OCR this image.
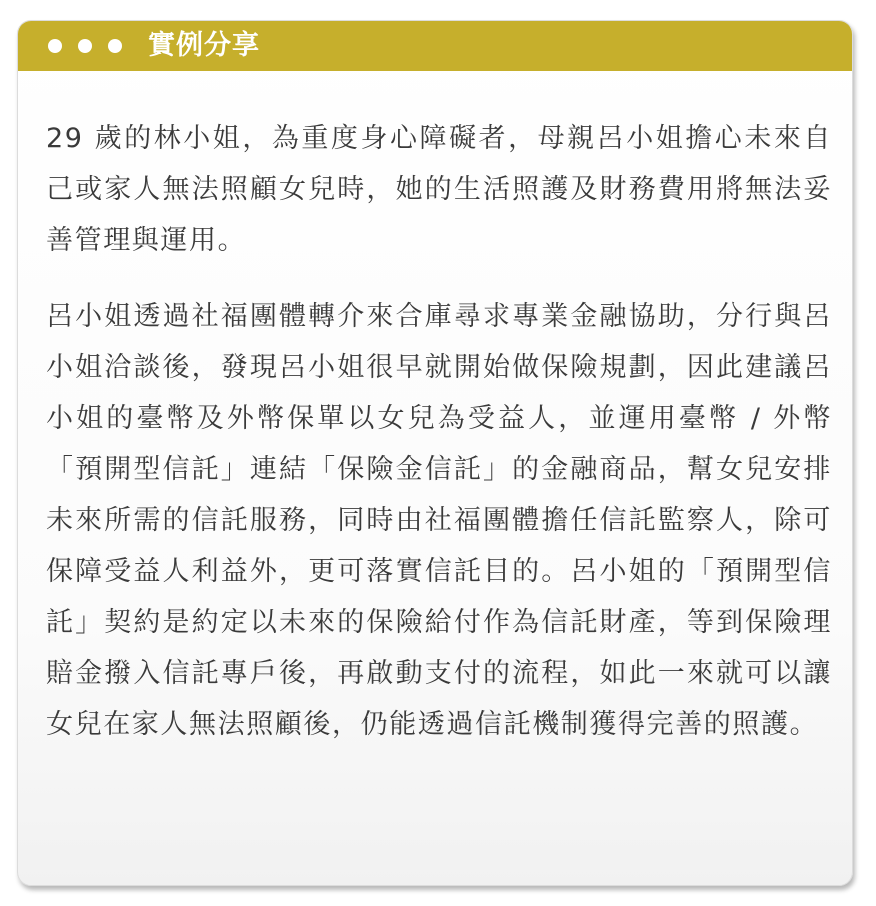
實例分享

29 歲的林小姐，為重度身心障礙者，母親呂小姐擔心未來自己或家人無法照顧女兒時，她的生活照護及財務費用將無法妥善管理與運用。

呂小姐透過社福團體轉介來合庫尋求專業金融協助，分行與呂小姐洽談後，發現呂小姐很早就開始做保險規劃，因此建議呂小姐的臺幣及外幣保單以女兒為受益人，並運用臺幣 / 外幣「預開型信託」連結「保險金信託」的金融商品，幫女兒安排未來所需的信託服務，同時由社福團體擔任信託監察人，除可保障受益人利益外，更可落實信託目的。呂小姐的「預開型信託」契約是約定以未來的保險給付作為信託財產，等到保險理賠金撥入信託專戶後，再啟動支付的流程，如此一來就可以讓女兒在家人無法照顧後，仍能透過信託機制獲得完善的照護。
